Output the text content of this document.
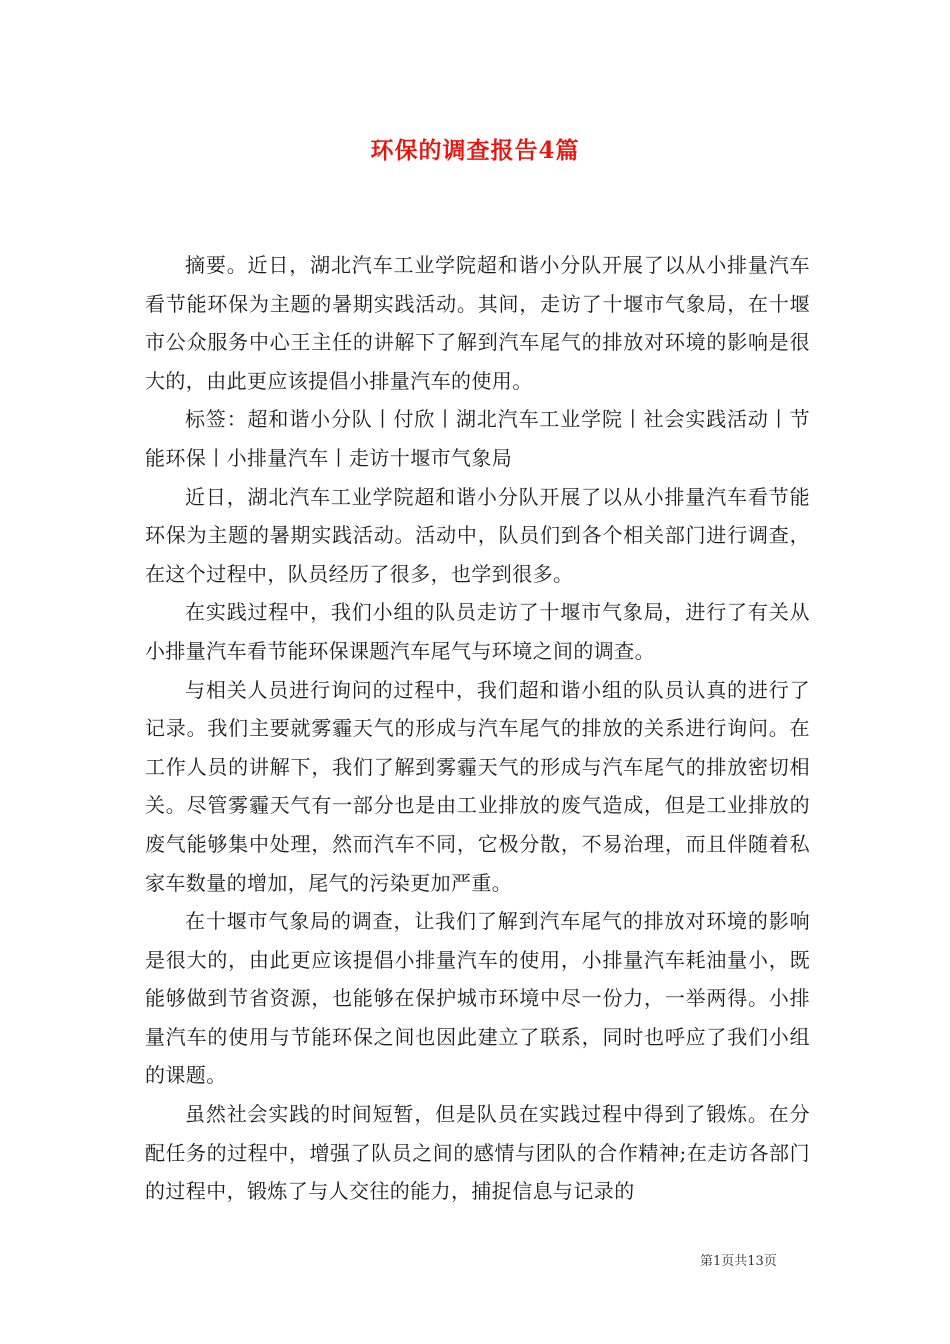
环保的调查报告4篇

摘要。近日，湖北汽车工业学院超和谐小分队开展了以从小排量汽车看节能环保为主题的暑期实践活动。其间，走访了十堰市气象局，在十堰市公众服务中心王主任的讲解下了解到汽车尾气的排放对环境的影响是很大的，由此更应该提倡小排量汽车的使用。

标签：超和谐小分队丨付欣丨湖北汽车工业学院丨社会实践活动丨节能环保丨小排量汽车丨走访十堰市气象局

近日，湖北汽车工业学院超和谐小分队开展了以从小排量汽车看节能环保为主题的暑期实践活动。活动中，队员们到各个相关部门进行调查，在这个过程中，队员经历了很多，也学到很多。

在实践过程中，我们小组的队员走访了十堰市气象局，进行了有关从小排量汽车看节能环保课题汽车尾气与环境之间的调查。

与相关人员进行询问的过程中，我们超和谐小组的队员认真的进行了记录。我们主要就雾霾天气的形成与汽车尾气的排放的关系进行询问。在工作人员的讲解下，我们了解到雾霾天气的形成与汽车尾气的排放密切相关。尽管雾霾天气有一部分也是由工业排放的废气造成，但是工业排放的废气能够集中处理，然而汽车不同，它极分散，不易治理，而且伴随着私家车数量的增加，尾气的污染更加严重。

在十堰市气象局的调查，让我们了解到汽车尾气的排放对环境的影响是很大的，由此更应该提倡小排量汽车的使用，小排量汽车耗油量小，既能够做到节省资源，也能够在保护城市环境中尽一份力，一举两得。小排量汽车的使用与节能环保之间也因此建立了联系，同时也呼应了我们小组的课题。

虽然社会实践的时间短暂，但是队员在实践过程中得到了锻炼。在分配任务的过程中，增强了队员之间的感情与团队的合作精神;在走访各部门的过程中，锻炼了与人交往的能力，捕捉信息与记录的

第1页共13页
